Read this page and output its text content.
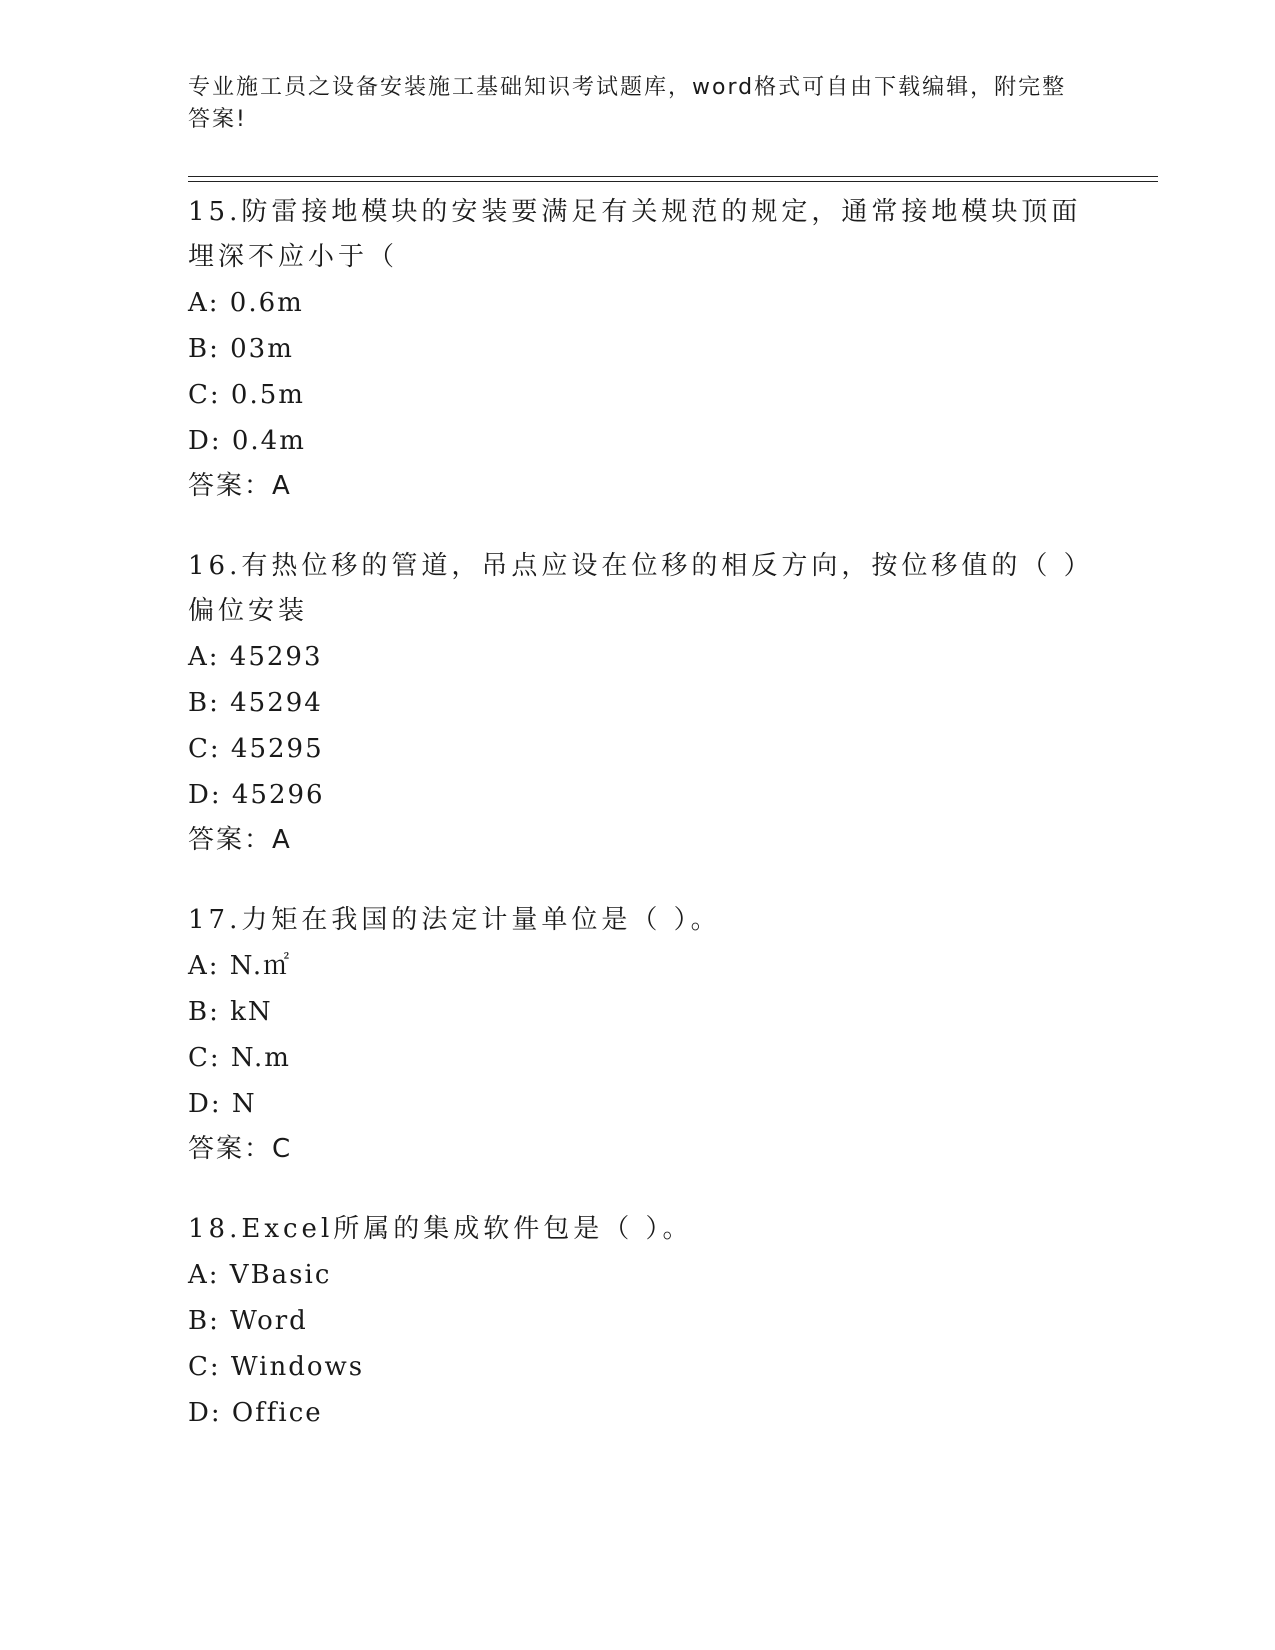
专业施工员之设备安装施工基础知识考试题库，word格式可自由下载编辑，附完整答案!

15.防雷接地模块的安装要满足有关规范的规定，通常接地模块顶面埋深不应小于（

A: 0.6m

B: 03m

C: 0.5m

D: 0.4m

答案：A

16.有热位移的管道，吊点应设在位移的相反方向，按位移值的（ ）偏位安装

A: 45293

B: 45294

C: 45295

D: 45296

答案：A

17.力矩在我国的法定计量单位是（ ）。

A: N.㎡

B: kN

C: N.m

D: N

答案：C

18.Excel所属的集成软件包是（ ）。

A: VBasic

B: Word

C: Windows

D: Office
